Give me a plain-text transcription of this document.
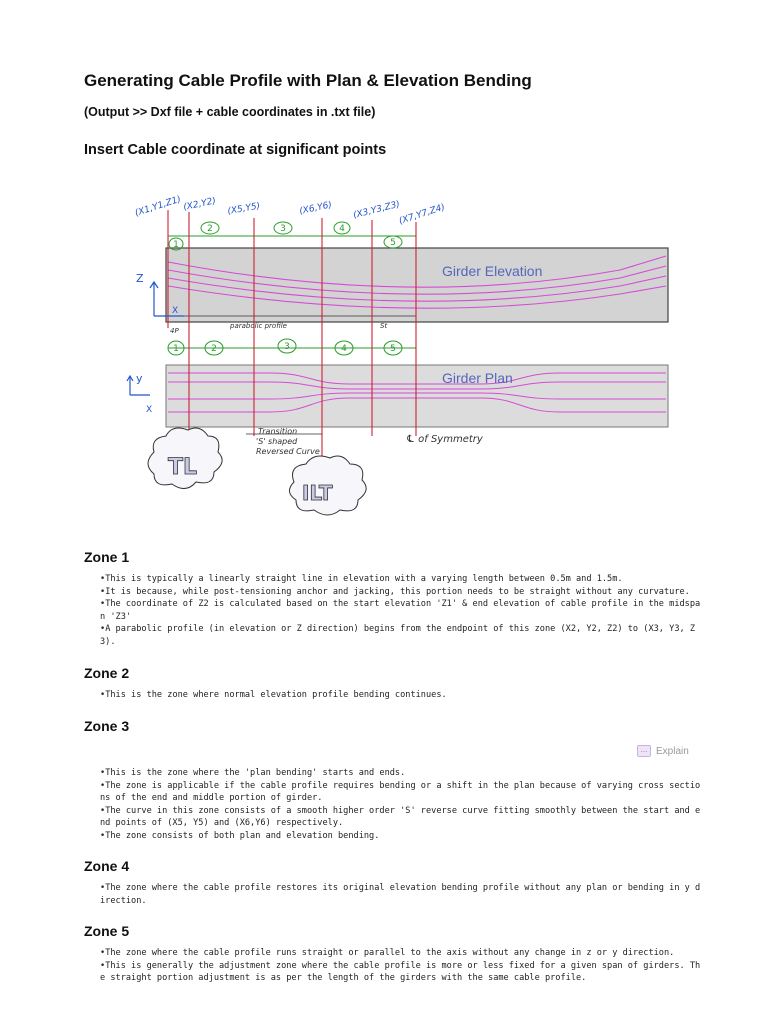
Generating Cable Profile with Plan & Elevation Bending

(Output >> Dxf file + cable coordinates in .txt file)

Insert Cable coordinate at significant points
1
2	3	4
5
1	2	3	4	5
(X1,Y1,Z1) (X2,Y2) (X5,Y5)	(X6,Y6) (X3,Y3,Z3)
(X7,Y7,Z4)
Girder Elevation
Girder Plan
Z
X
y
X
4P
parabolic profile	St
Transition
'S' shaped
Reversed Curve
℄ of Symmetry
TL
ILT
Zone 1
• This is typically a linearly straight line in elevation with a varying length between 0.5m and 1.5m.
• It is because, while post-tensioning anchor and jacking, this portion needs to be straight without any curvature.
• The coordinate of Z2 is calculated based on the start elevation 'Z1' & end elevation of cable profile in the midspan 'Z3'
• A parabolic profile (in elevation or Z direction) begins from the endpoint of this zone (X2, Y2, Z2) to (X3, Y3, Z3).
Zone 2
• This is the zone where normal elevation profile bending continues.
Zone 3
… Explain
• This is the zone where the 'plan bending' starts and ends.
• The zone is applicable if the cable profile requires bending or a shift in the plan because of varying cross sections of the end and middle portion of girder.
• The curve in this zone consists of a smooth higher order 'S' reverse curve fitting smoothly between the start and end points of (X5, Y5) and (X6,Y6) respectively.
• The zone consists of both plan and elevation bending.
Zone 4
• The zone where the cable profile restores its original elevation bending profile without any plan or bending in y direction.
Zone 5
• The zone where the cable profile runs straight or parallel to the axis without any change in z or y direction.
• This is generally the adjustment zone where the cable profile is more or less fixed for a given span of girders. The straight portion adjustment is as per the length of the girders with the same cable profile.
